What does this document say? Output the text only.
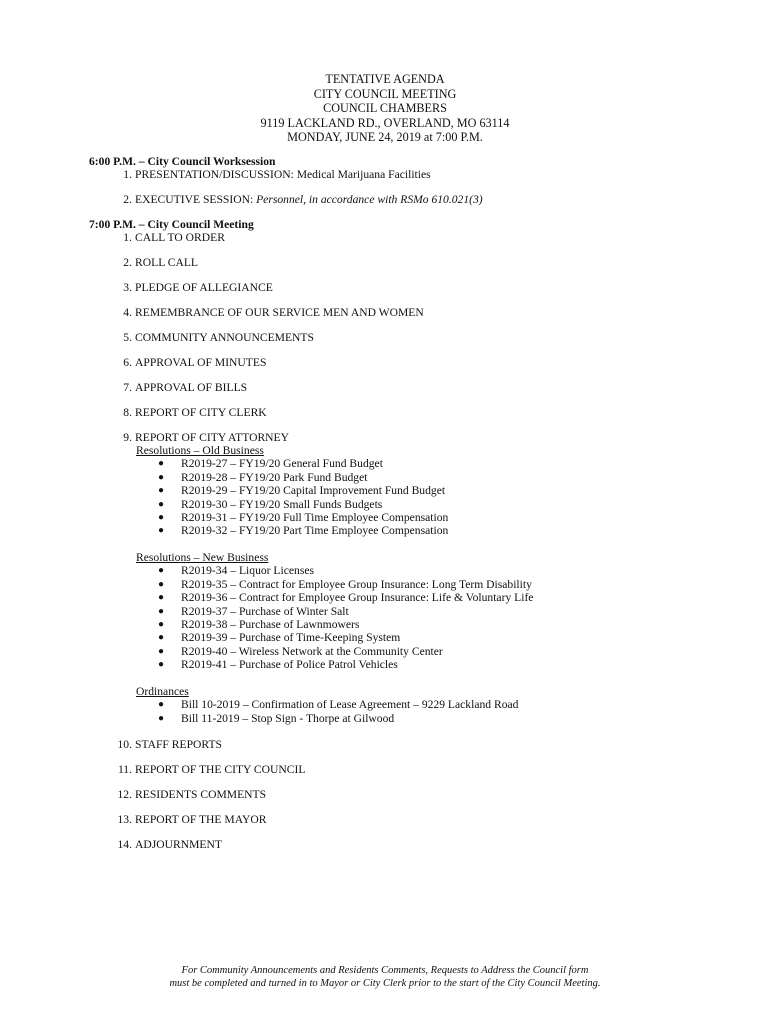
TENTATIVE AGENDA
CITY COUNCIL MEETING
COUNCIL CHAMBERS
9119 LACKLAND RD., OVERLAND, MO 63114
MONDAY, JUNE 24, 2019 at 7:00 P.M.
6:00 P.M. – City Council Worksession
1. PRESENTATION/DISCUSSION: Medical Marijuana Facilities
2. EXECUTIVE SESSION: Personnel, in accordance with RSMo 610.021(3)
7:00 P.M. – City Council Meeting
1. CALL TO ORDER
2. ROLL CALL
3. PLEDGE OF ALLEGIANCE
4. REMEMBRANCE OF OUR SERVICE MEN AND WOMEN
5. COMMUNITY ANNOUNCEMENTS
6. APPROVAL OF MINUTES
7. APPROVAL OF BILLS
8. REPORT OF CITY CLERK
9. REPORT OF CITY ATTORNEY
Resolutions – Old Business
● R2019-27 – FY19/20 General Fund Budget
● R2019-28 – FY19/20 Park Fund Budget
● R2019-29 – FY19/20 Capital Improvement Fund Budget
● R2019-30 – FY19/20 Small Funds Budgets
● R2019-31 – FY19/20 Full Time Employee Compensation
● R2019-32 – FY19/20 Part Time Employee Compensation
Resolutions – New Business
● R2019-34 – Liquor Licenses
● R2019-35 – Contract for Employee Group Insurance: Long Term Disability
● R2019-36 – Contract for Employee Group Insurance: Life & Voluntary Life
● R2019-37 – Purchase of Winter Salt
● R2019-38 – Purchase of Lawnmowers
● R2019-39 – Purchase of Time-Keeping System
● R2019-40 – Wireless Network at the Community Center
● R2019-41 – Purchase of Police Patrol Vehicles
Ordinances
● Bill 10-2019 – Confirmation of Lease Agreement – 9229 Lackland Road
● Bill 11-2019 – Stop Sign - Thorpe at Gilwood
10. STAFF REPORTS
11. REPORT OF THE CITY COUNCIL
12. RESIDENTS COMMENTS
13. REPORT OF THE MAYOR
14. ADJOURNMENT
For Community Announcements and Residents Comments, Requests to Address the Council form
must be completed and turned in to Mayor or City Clerk prior to the start of the City Council Meeting.
